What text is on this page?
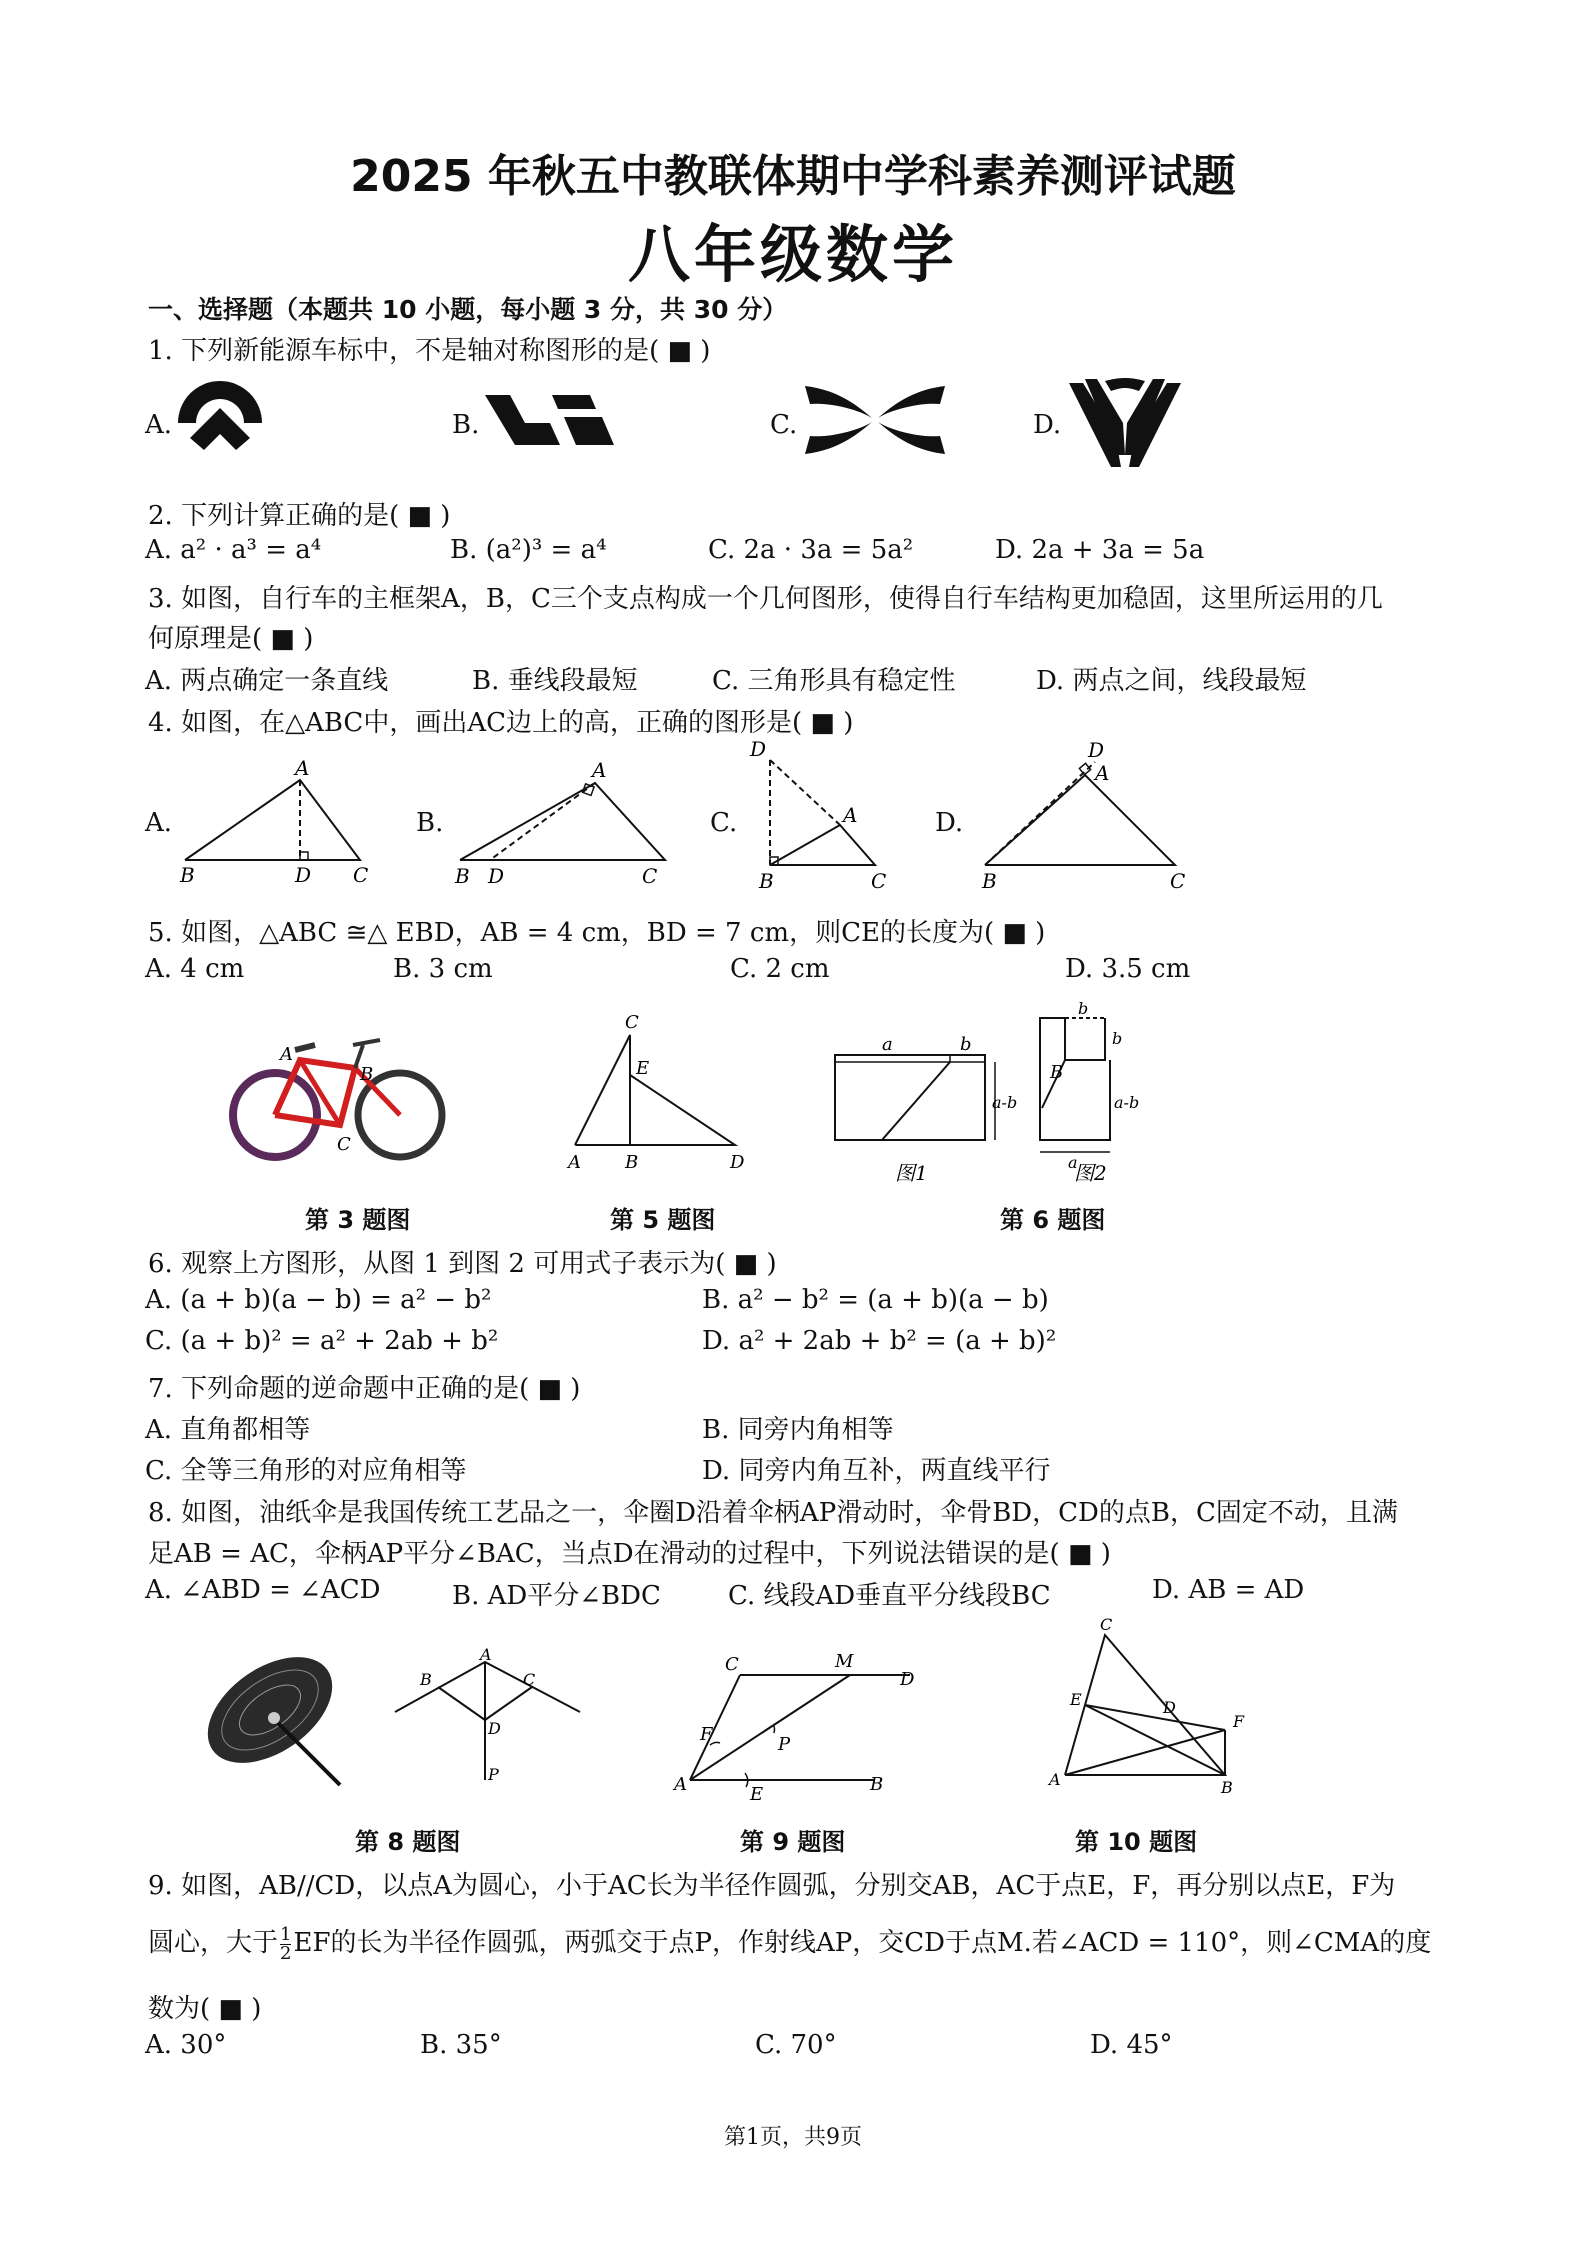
2025 年秋五中教联体期中学科素养测评试题
八年级数学
一、选择题（本题共 10 小题，每小题 3 分，共 30 分）
1. 下列新能源车标中，不是轴对称图形的是( ■ )
A.	B.	C.	D.
2. 下列计算正确的是( ■ )
A. a² · a³ = a⁴	B. (a²)³ = a⁴	C. 2a · 3a = 5a²	D. 2a + 3a = 5a
3. 如图，自行车的主框架A，B，C三个支点构成一个几何图形，使得自行车结构更加稳固，这里所运用的几
何原理是( ■ )
A. 两点确定一条直线	B. 垂线段最短	C. 三角形具有稳定性	D. 两点之间，线段最短
4. 如图，在△ABC中，画出AC边上的高，正确的图形是( ■ )
A.	B.	C.	D.
A
B	D C
A
B D	C
D
A
B	C
D
A
B	C
5. 如图，△ABC ≅△ EBD，AB = 4 cm，BD = 7 cm，则CE的长度为( ■ )
A. 4 cm	B. 3 cm	C. 2 cm	D. 3.5 cm
A
B
C
C
E
A B	D
a	b
a-b
图1
b
b
B
a-b
a
图2
第 3 题图	第 5 题图	第 6 题图
6. 观察上方图形，从图 1 到图 2 可用式子表示为( ■ )
A. (a + b)(a − b) = a² − b²	B. a² − b² = (a + b)(a − b)
C. (a + b)² = a² + 2ab + b²	D. a² + 2ab + b² = (a + b)²
7. 下列命题的逆命题中正确的是( ■ )
A. 直角都相等	B. 同旁内角相等
C. 全等三角形的对应角相等	D. 同旁内角互补，两直线平行
8. 如图，油纸伞是我国传统工艺品之一，伞圈D沿着伞柄AP滑动时，伞骨BD，CD的点B，C固定不动，且满
足AB = AC，伞柄AP平分∠BAC，当点D在滑动的过程中，下列说法错误的是( ■ )
A. ∠ABD = ∠ACD	B. AD平分∠BDC	C. 线段AD垂直平分线段BC	D. AB = AD
A
B	C
D
P
C	M
D
F	P
A	E	B
C
E	D
F
A	B
第 8 题图	第 9 题图	第 10 题图
9. 如图，AB//CD，以点A为圆心，小于AC长为半径作圆弧，分别交AB，AC于点E，F，再分别以点E，F为
圆心，大于 $\frac{1}{2}$ EF的长为半径作圆弧，两弧交于点P，作射线AP，交CD于点M.若∠ACD = 110°，则∠CMA的度
数为( ■ )
A. 30°	B. 35°	C. 70°	D. 45°
第1页，共9页
